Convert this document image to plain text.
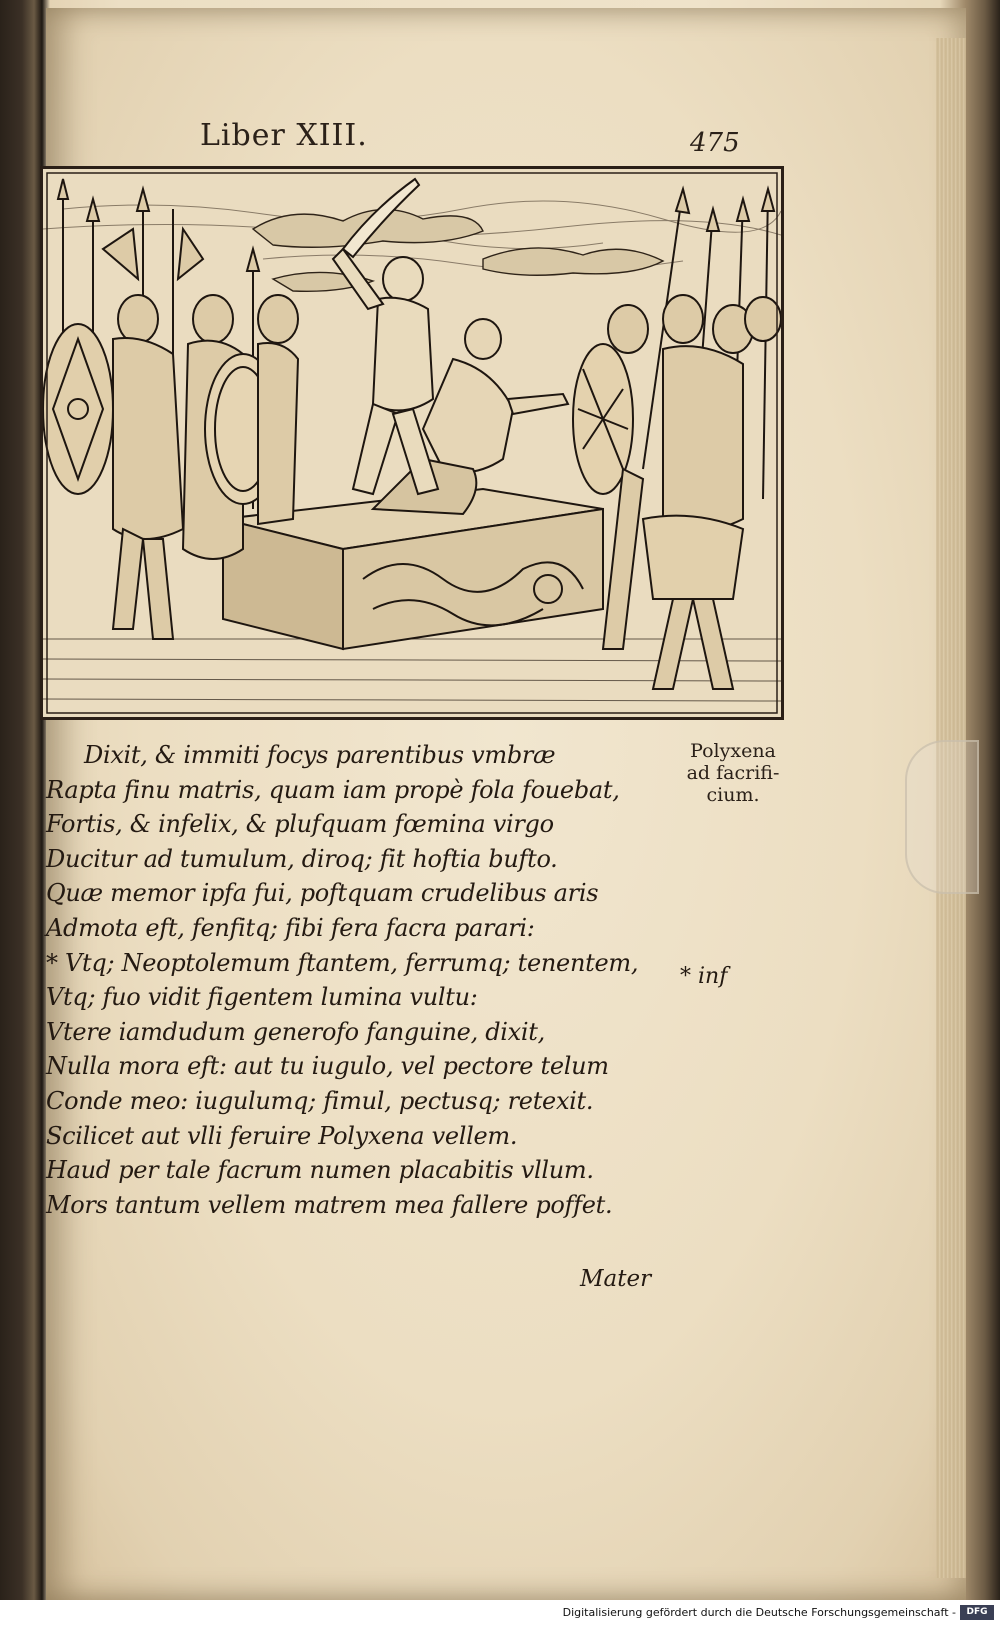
Liber XIII.	475
Polyxena
ad facrifi-
cium.
Dixit, & immiti focys parentibus vmbræ
Rapta finu matris, quam iam propè fola fouebat,
Fortis, & infelix, & plufquam fœmina virgo
Ducitur ad tumulum, diroq; fit hoftia bufto.
Quæ memor ipfa fui, poftquam crudelibus aris
Admota eft, fenfitq; fibi fera facra parari:
* Vtq; Neoptolemum ftantem, ferrumq; tenentem,
Vtq; fuo vidit figentem lumina vultu:
Vtere iamdudum generofo fanguine, dixit,
Nulla mora eft: aut tu iugulo, vel pectore telum
Conde meo: iugulumq; fimul, pectusq; retexit.
Scilicet aut vlli feruire Polyxena vellem.
Haud per tale facrum numen placabitis vllum.
Mors tantum vellem matrem mea fallere poffet.
* inf
Mater
Digitalisierung gefördert durch die Deutsche Forschungsgemeinschaft -	DFG
